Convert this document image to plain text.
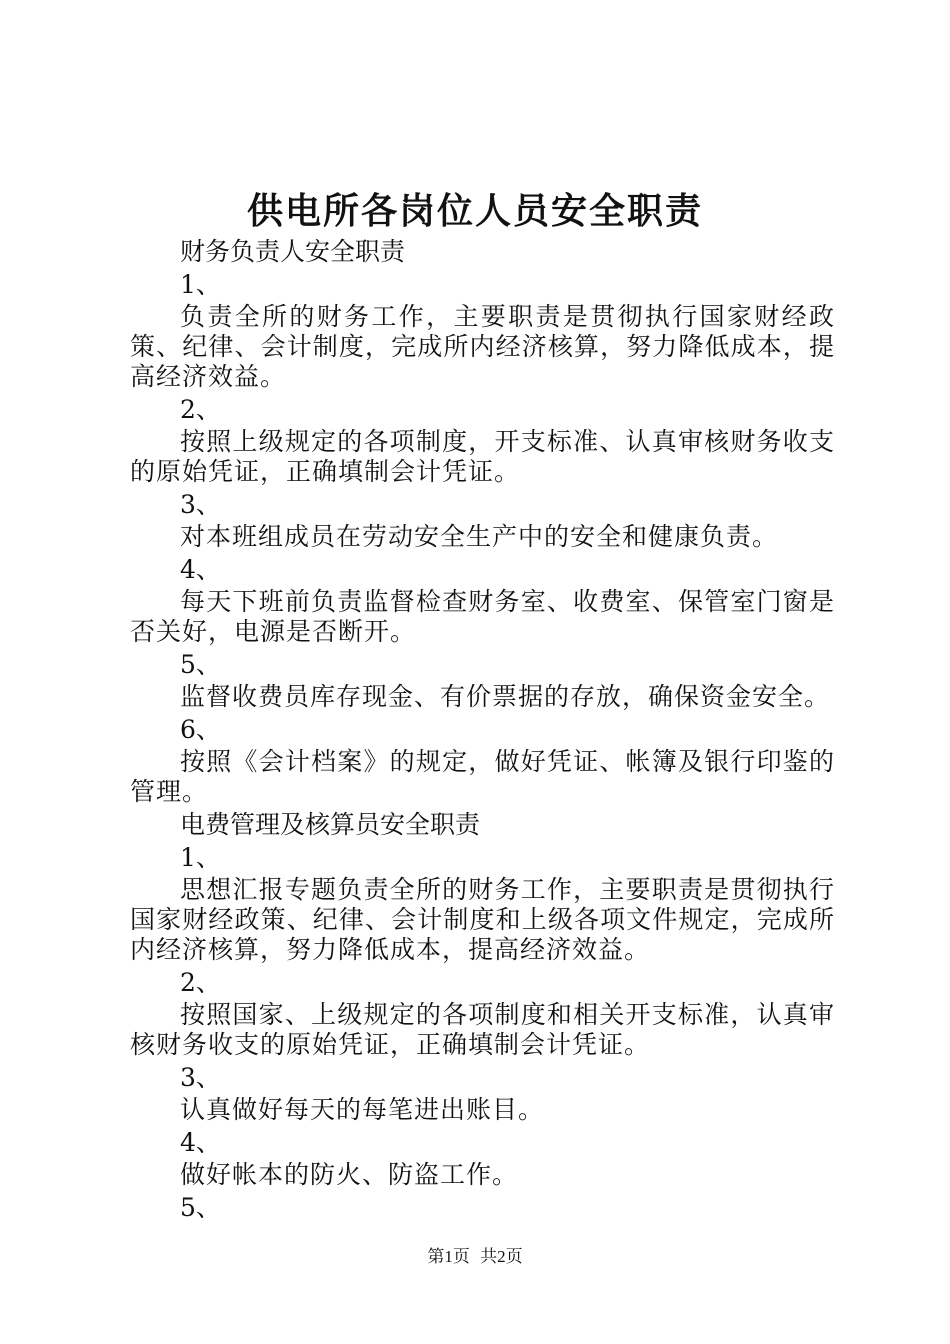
供电所各岗位人员安全职责

财务负责人安全职责

1、

负责全所的财务工作，主要职责是贯彻执行国家财经政策、纪律、会计制度，完成所内经济核算，努力降低成本，提高经济效益。

2、

按照上级规定的各项制度，开支标准、认真审核财务收支的原始凭证，正确填制会计凭证。

3、

对本班组成员在劳动安全生产中的安全和健康负责。

4、

每天下班前负责监督检查财务室、收费室、保管室门窗是否关好，电源是否断开。

5、

监督收费员库存现金、有价票据的存放，确保资金安全。

6、

按照《会计档案》的规定，做好凭证、帐簿及银行印鉴的管理。

电费管理及核算员安全职责

1、

思想汇报专题负责全所的财务工作，主要职责是贯彻执行国家财经政策、纪律、会计制度和上级各项文件规定，完成所内经济核算，努力降低成本，提高经济效益。

2、

按照国家、上级规定的各项制度和相关开支标准，认真审核财务收支的原始凭证，正确填制会计凭证。

3、

认真做好每天的每笔进出账目。

4、

做好帐本的防火、防盗工作。

5、

第1页 共2页
